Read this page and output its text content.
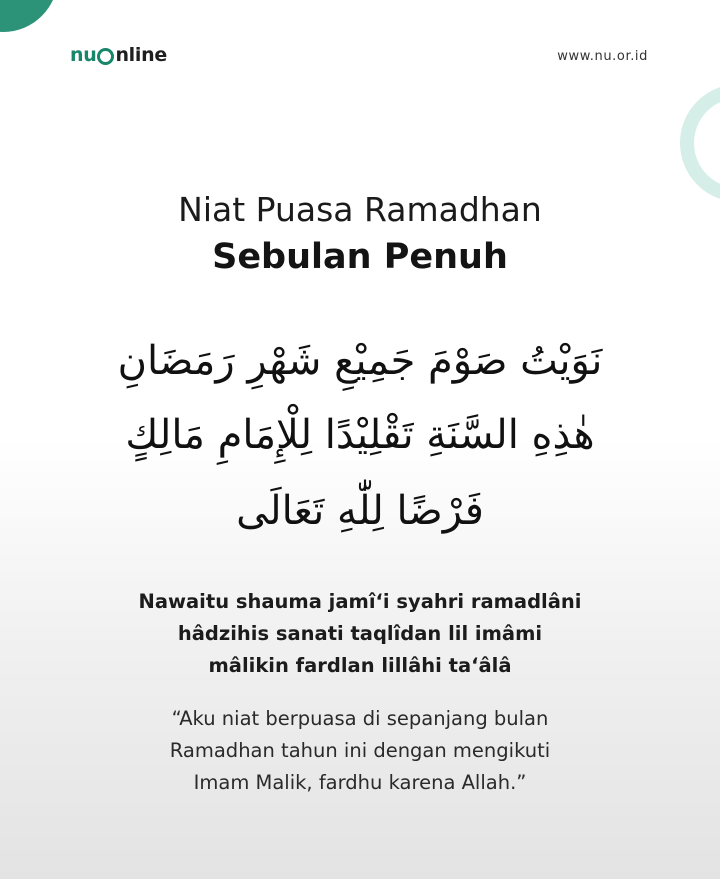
nu nline	www.nu.or.id
Niat Puasa Ramadhan
Sebulan Penuh
نَوَيْتُ صَوْمَ جَمِيْعِ شَهْرِ رَمَضَانِ
هٰذِهِ السَّنَةِ تَقْلِيْدًا لِلْإِمَامِ مَالِكٍ
فَرْضًا لِلّٰهِ تَعَالَى
Nawaitu shauma jamî‘i syahri ramadlâni
hâdzihis sanati taqlîdan lil imâmi
mâlikin fardlan lillâhi ta‘âlâ
“Aku niat berpuasa di sepanjang bulan
Ramadhan tahun ini dengan mengikuti
Imam Malik, fardhu karena Allah.”
